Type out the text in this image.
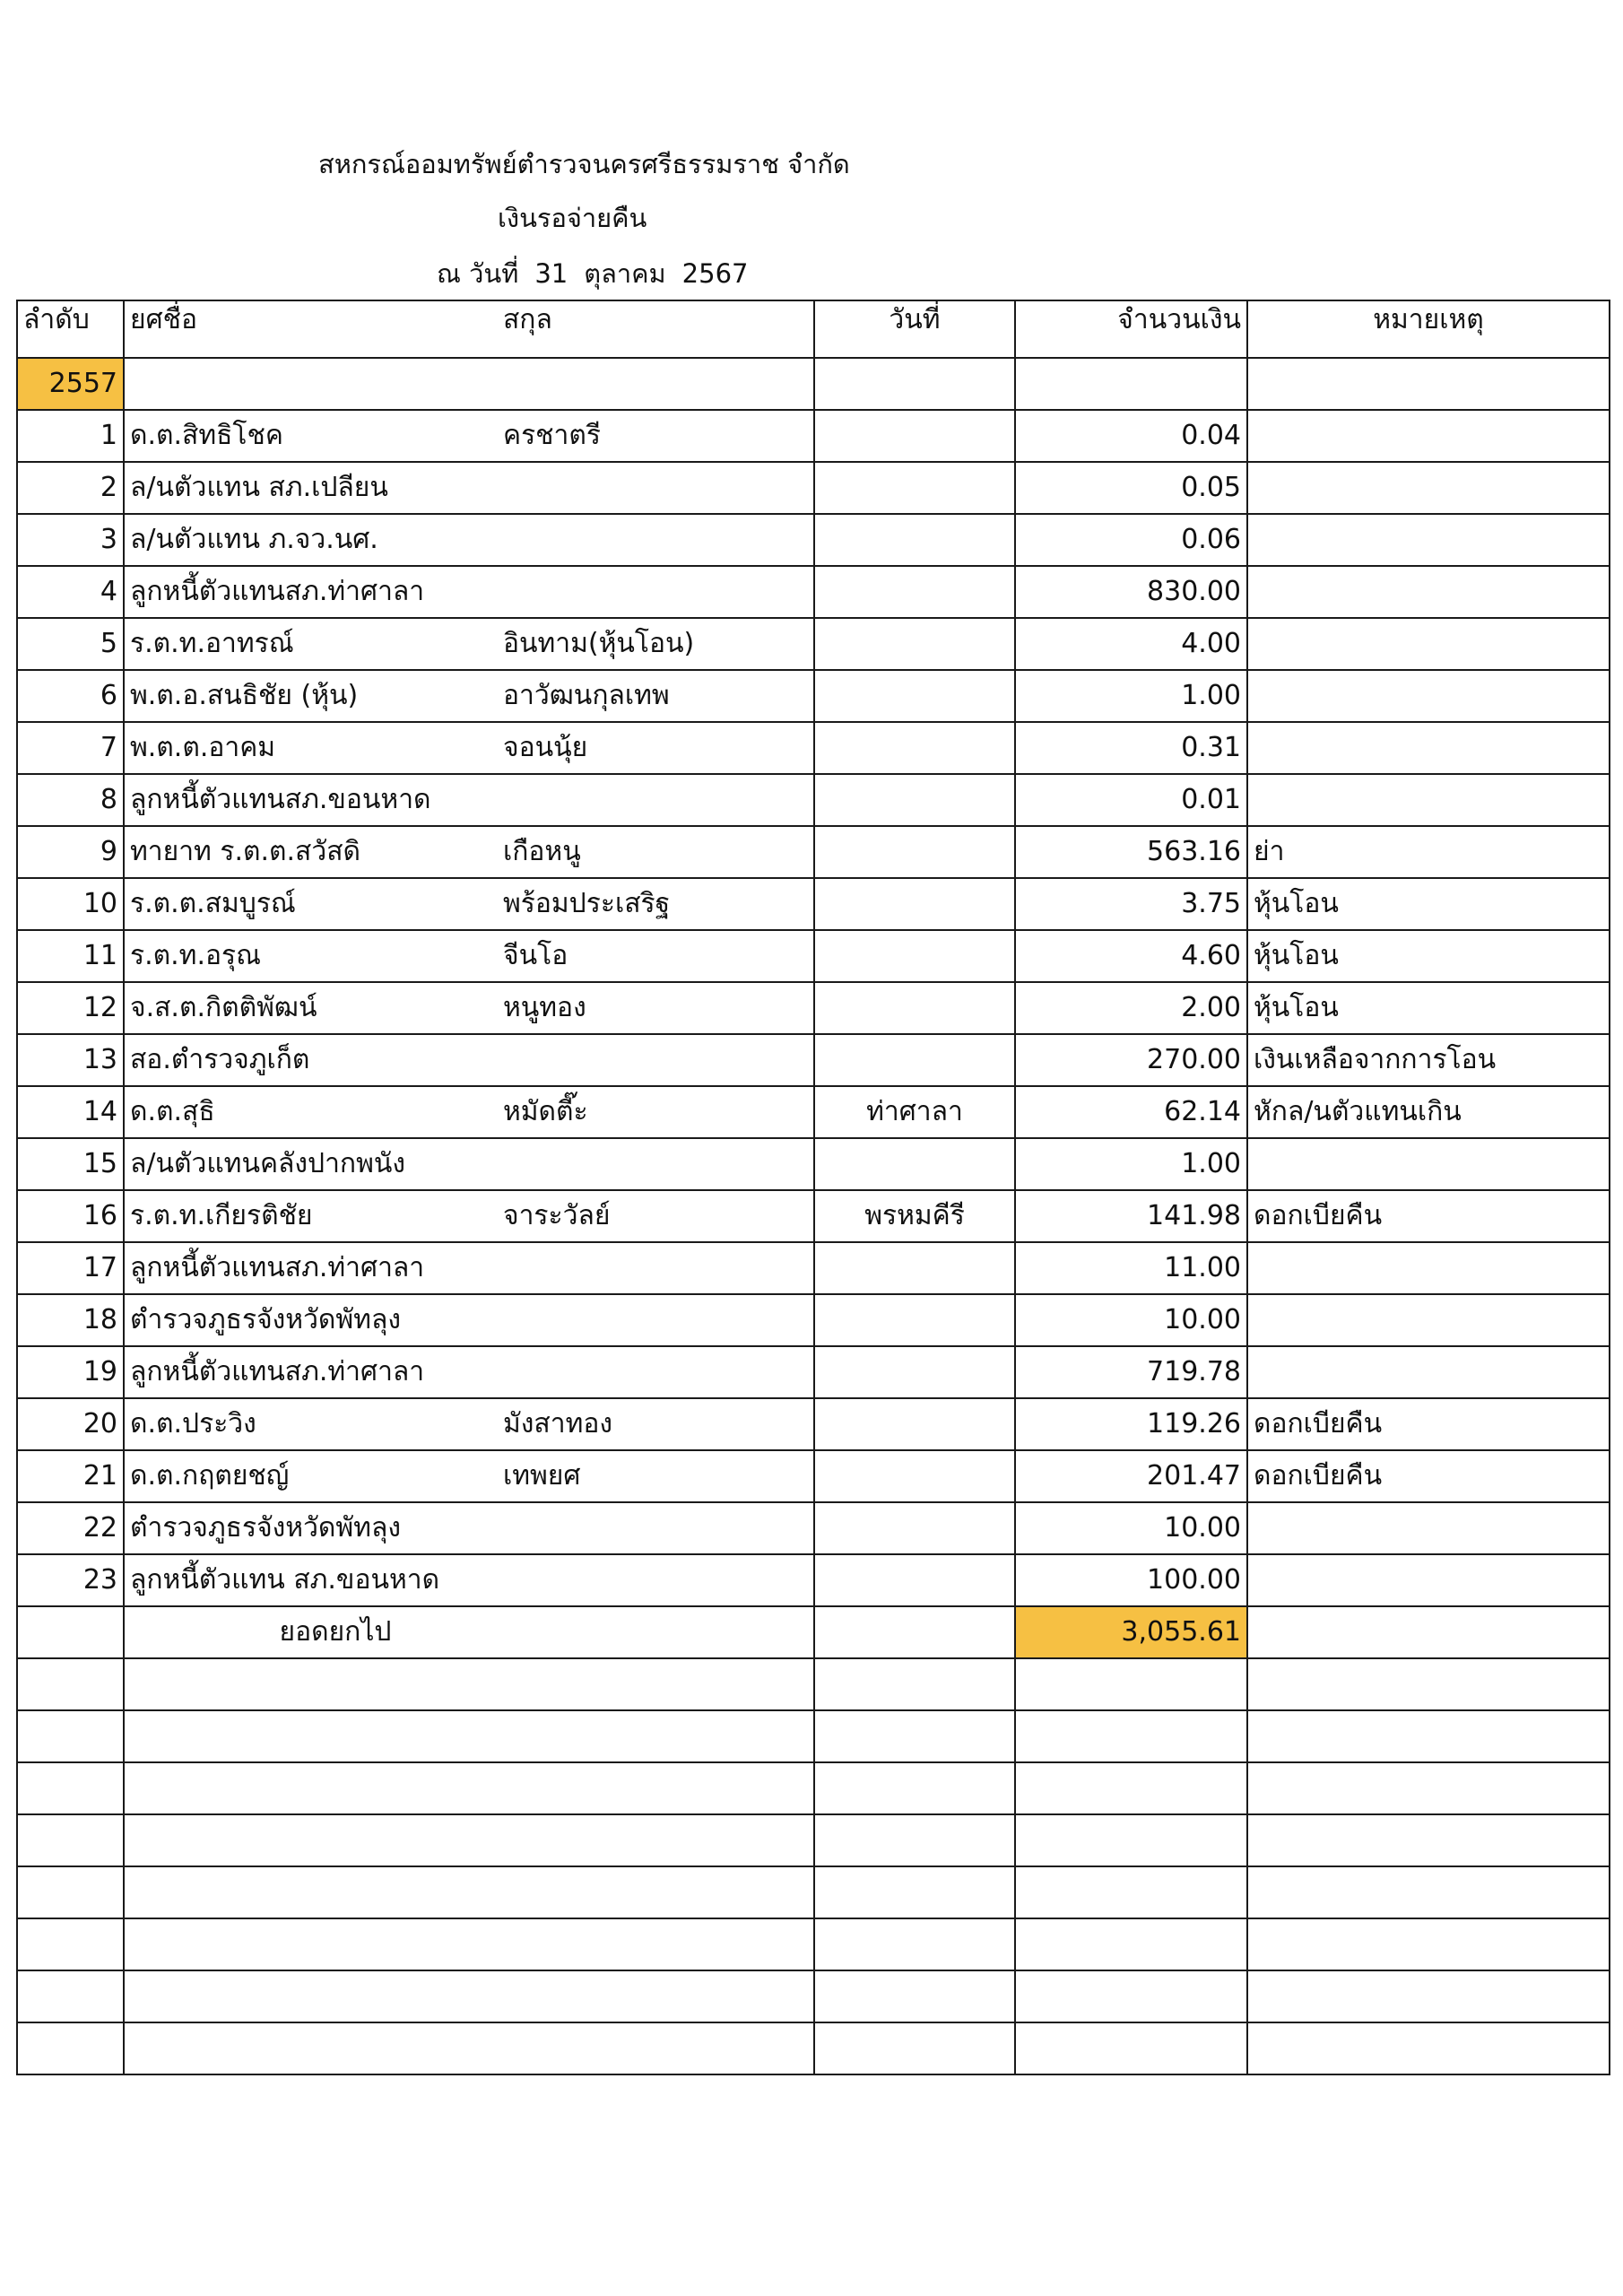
สหกรณ์ออมทรัพย์ตำรวจนครศรีธรรมราช จำกัด
เงินรอจ่ายคืน
ณ วันที่ 31 ตุลาคม 2567
ลำดับ	ยศชื่อ	สกุล	วันที่	จำนวนเงิน	หมายเหตุ
2557					
1	ด.ต.สิทธิโชค	ครชาตรี		0.04	
2	ล/นตัวแทน สภ.เปลียน			0.05	
3	ล/นตัวแทน ภ.จว.นศ.			0.06	
4	ลูกหนี้ตัวแทนสภ.ท่าศาลา			830.00	
5	ร.ต.ท.อาทรณ์	อินทาม(หุ้นโอน)		4.00	
6	พ.ต.อ.สนธิชัย (หุ้น)	อาวัฒนกุลเทพ		1.00	
7	พ.ต.ต.อาคม	จอนนุ้ย		0.31	
8	ลูกหนี้ตัวแทนสภ.ขอนหาด			0.01	
9	ทายาท ร.ต.ต.สวัสดิ	เกือหนู		563.16	ย่า
10	ร.ต.ต.สมบูรณ์	พร้อมประเสริฐ		3.75	หุ้นโอน
11	ร.ต.ท.อรุณ	จีนโอ		4.60	หุ้นโอน
12	จ.ส.ต.กิตติพัฒน์	หนูทอง		2.00	หุ้นโอน
13	สอ.ตำรวจภูเก็ต			270.00	เงินเหลือจากการโอน
14	ด.ต.สุธิ	หมัดตี๊ะ	ท่าศาลา	62.14	หักล/นตัวแทนเกิน
15	ล/นตัวแทนคลังปากพนัง			1.00	
16	ร.ต.ท.เกียรติชัย	จาระวัลย์	พรหมคีรี	141.98	ดอกเบียคืน
17	ลูกหนี้ตัวแทนสภ.ท่าศาลา			11.00	
18	ตำรวจภูธรจังหวัดพัทลุง			10.00	
19	ลูกหนี้ตัวแทนสภ.ท่าศาลา			719.78	
20	ด.ต.ประวิง	มังสาทอง		119.26	ดอกเบียคืน
21	ด.ต.กฤตยชญ์	เทพยศ		201.47	ดอกเบียคืน
22	ตำรวจภูธรจังหวัดพัทลุง			10.00	
23	ลูกหนี้ตัวแทน สภ.ขอนหาด			100.00	
	ยอดยกไป			3,055.61	
